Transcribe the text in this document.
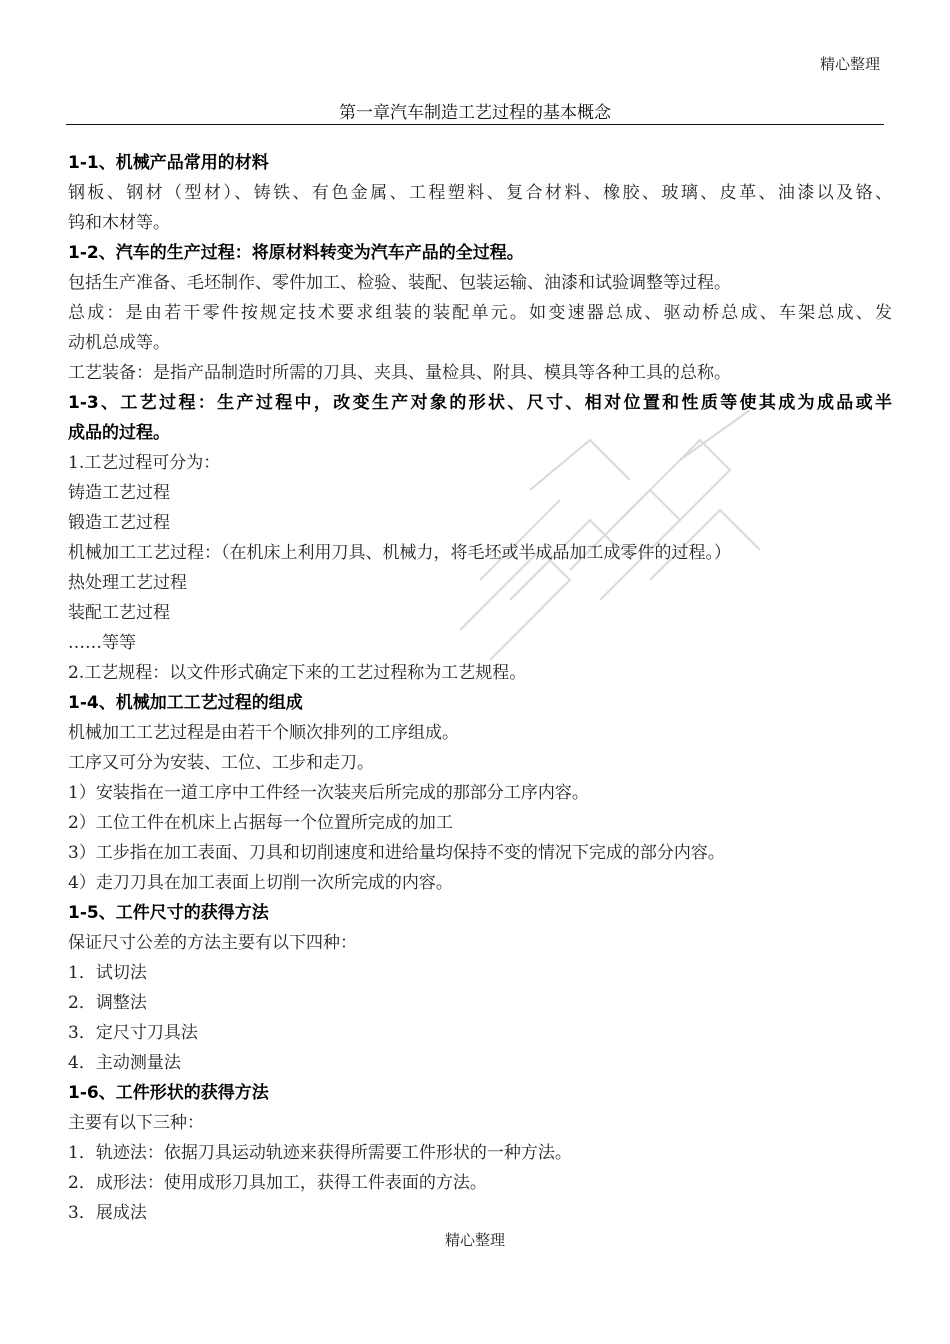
精心整理
第一章汽车制造工艺过程的基本概念
1-1、机械产品常用的材料
钢板、钢材（型材）、铸铁、有色金属、工程塑料、复合材料、橡胶、玻璃、皮革、油漆以及铬、
钨和木材等。
1-2、汽车的生产过程：将原材料转变为汽车产品的全过程。
包括生产准备、毛坯制作、零件加工、检验、装配、包装运输、油漆和试验调整等过程。
总成：是由若干零件按规定技术要求组装的装配单元。如变速器总成、驱动桥总成、车架总成、发
动机总成等。
工艺装备：是指产品制造时所需的刀具、夹具、量检具、附具、模具等各种工具的总称。
1-3、工艺过程：生产过程中，改变生产对象的形状、尺寸、相对位置和性质等使其成为成品或半
成品的过程。
1.工艺过程可分为：
铸造工艺过程
锻造工艺过程
机械加工工艺过程：（在机床上利用刀具、机械力，将毛坯或半成品加工成零件的过程。）
热处理工艺过程
装配工艺过程
……等等
2.工艺规程：以文件形式确定下来的工艺过程称为工艺规程。
1-4、机械加工工艺过程的组成
机械加工工艺过程是由若干个顺次排列的工序组成。
工序又可分为安装、工位、工步和走刀。
1）安装指在一道工序中工件经一次装夹后所完成的那部分工序内容。
2）工位工件在机床上占据每一个位置所完成的加工
3）工步指在加工表面、刀具和切削速度和进给量均保持不变的情况下完成的部分内容。
4）走刀刀具在加工表面上切削一次所完成的内容。
1-5、工件尺寸的获得方法
保证尺寸公差的方法主要有以下四种：
1．试切法
2．调整法
3．定尺寸刀具法
4．主动测量法
1-6、工件形状的获得方法
主要有以下三种：
1．轨迹法：依据刀具运动轨迹来获得所需要工件形状的一种方法。
2．成形法：使用成形刀具加工，获得工件表面的方法。
3．展成法
精心整理
